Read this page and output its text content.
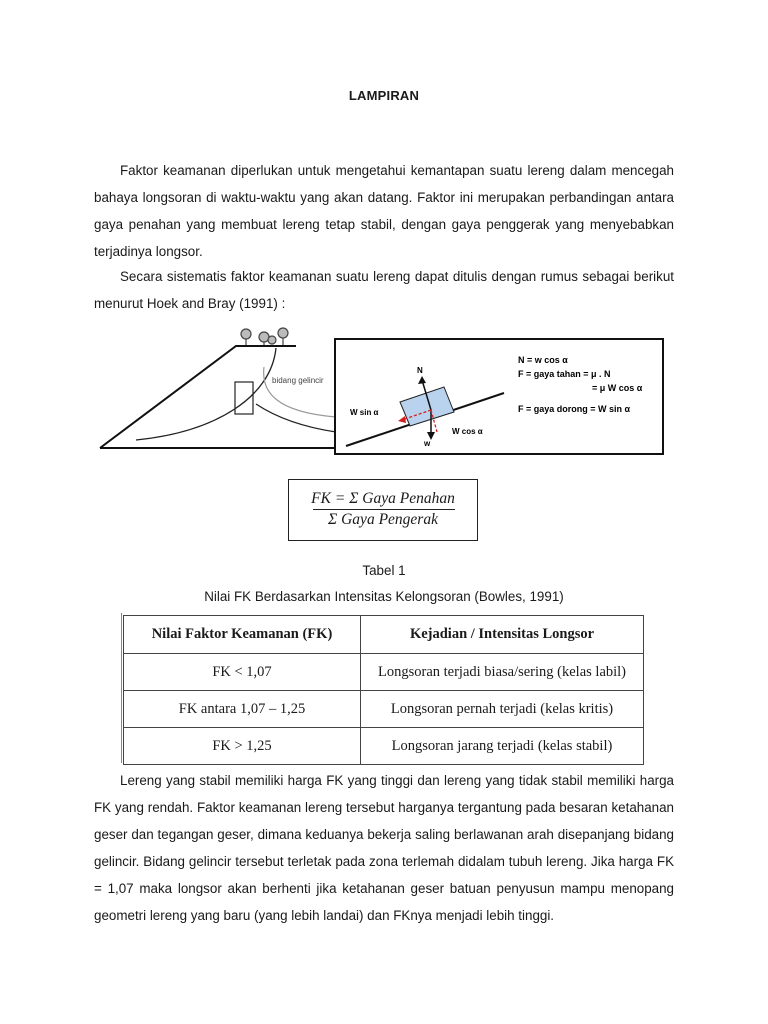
LAMPIRAN

Faktor keamanan diperlukan untuk mengetahui kemantapan suatu lereng dalam mencegah bahaya longsoran di waktu-waktu yang akan datang. Faktor ini merupakan perbandingan antara gaya penahan yang membuat lereng tetap stabil, dengan gaya penggerak yang menyebabkan terjadinya longsor.

Secara sistematis faktor keamanan suatu lereng dapat ditulis dengan rumus sebagai berikut menurut Hoek and Bray (1991) :

bidang gelincir
N
w
W sin α
W cos α
N = w cos α
F = gaya tahan = μ . N
= μ W cos α
F = gaya dorong = W sin α
FK = Σ Gaya Penahan
Σ Gaya Pengerak
Tabel 1
Nilai FK Berdasarkan Intensitas Kelongsoran (Bowles, 1991)
Nilai Faktor Keamanan (FK)	Kejadian / Intensitas Longsor
FK < 1,07	Longsoran terjadi biasa/sering (kelas labil)
FK antara 1,07 – 1,25	Longsoran pernah terjadi (kelas kritis)
FK > 1,25	Longsoran jarang terjadi (kelas stabil)

Lereng yang stabil memiliki harga FK yang tinggi dan lereng yang tidak stabil memiliki harga FK yang rendah. Faktor keamanan lereng tersebut harganya tergantung pada besaran ketahanan geser dan tegangan geser, dimana keduanya bekerja saling berlawanan arah disepanjang bidang gelincir. Bidang gelincir tersebut terletak pada zona terlemah didalam tubuh lereng. Jika harga FK = 1,07 maka longsor akan berhenti jika ketahanan geser batuan penyusun mampu menopang geometri lereng yang baru (yang lebih landai) dan FKnya menjadi lebih tinggi.
